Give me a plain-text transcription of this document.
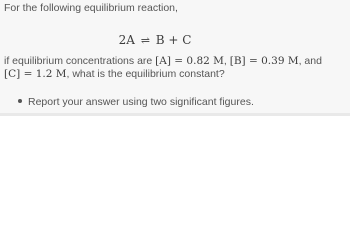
For the following equilibrium reaction,
2A ⇌ B + C
if equilibrium concentrations are [A] = 0.82 M, [B] = 0.39 M, and
[C] = 1.2 M, what is the equilibrium constant?
Report your answer using two significant figures.
